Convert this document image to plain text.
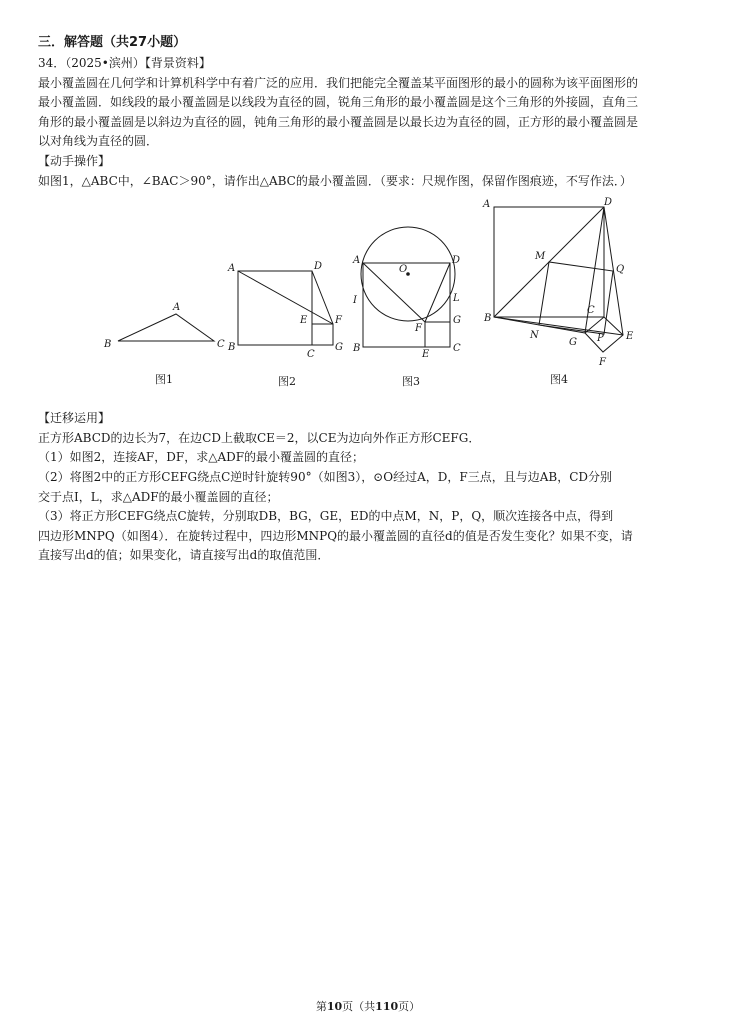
三．解答题（共27小题）

34．（2025•滨州）【背景资料】

最小覆盖圆在几何学和计算机科学中有着广泛的应用．我们把能完全覆盖某平面图形的最小的圆称为该平面图形的

最小覆盖圆．如线段的最小覆盖圆是以线段为直径的圆，锐角三角形的最小覆盖圆是这个三角形的外接圆，直角三

角形的最小覆盖圆是以斜边为直径的圆，钝角三角形的最小覆盖圆是以最长边为直径的圆，正方形的最小覆盖圆是

以对角线为直径的圆．

【动手操作】

如图1，△ABC中，∠BAC＞90°，请作出△ABC的最小覆盖圆．（要求：尺规作图，保留作图痕迹，不写作法．）

A
B	C
图1
A	D
E	F
B
C
G
图2
A
O
D
I	L
F
G
B
E
C
图3
A	D
M
Q
B
C
N
G P E
F
图4

【迁移运用】

正方形ABCD的边长为7，在边CD上截取CE＝2，以CE为边向外作正方形CEFG．

（1）如图2，连接AF，DF，求△ADF的最小覆盖圆的直径；

（2）将图2中的正方形CEFG绕点C逆时针旋转90°（如图3），⊙O经过A，D，F三点，且与边AB，CD分别

交于点I，L，求△ADF的最小覆盖圆的直径；

（3）将正方形CEFG绕点C旋转，分别取DB，BG，GE，ED的中点M，N，P，Q，顺次连接各中点，得到

四边形MNPQ（如图4）．在旋转过程中，四边形MNPQ的最小覆盖圆的直径d的值是否发生变化？如果不变，请

直接写出d的值；如果变化，请直接写出d的取值范围．

第10页（共110页）
